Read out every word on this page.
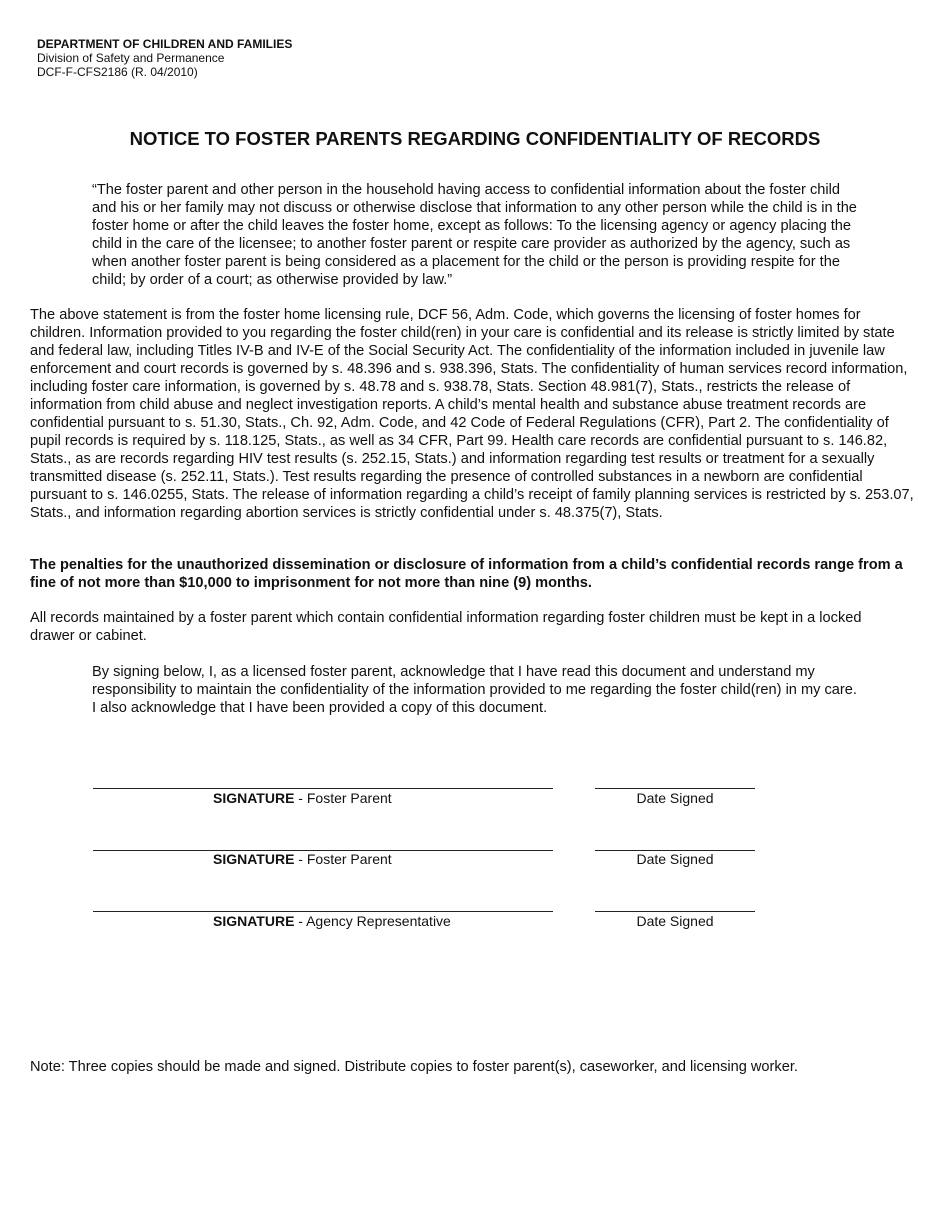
DEPARTMENT OF CHILDREN AND FAMILIES
Division of Safety and Permanence
DCF-F-CFS2186 (R. 04/2010)
NOTICE TO FOSTER PARENTS REGARDING CONFIDENTIALITY OF RECORDS

“The foster parent and other person in the household having access to confidential information about the foster child and his or her family may not discuss or otherwise disclose that information to any other person while the child is in the foster home or after the child leaves the foster home, except as follows: To the licensing agency or agency placing the child in the care of the licensee; to another foster parent or respite care provider as authorized by the agency, such as when another foster parent is being considered as a placement for the child or the person is providing respite for the child; by order of a court; as otherwise provided by law.”

The above statement is from the foster home licensing rule, DCF 56, Adm. Code, which governs the licensing of foster homes for children. Information provided to you regarding the foster child(ren) in your care is confidential and its release is strictly limited by state and federal law, including Titles IV-B and IV-E of the Social Security Act. The confidentiality of the information included in juvenile law enforcement and court records is governed by s. 48.396 and s. 938.396, Stats. The confidentiality of human services record information, including foster care information, is governed by s. 48.78 and s. 938.78, Stats. Section 48.981(7), Stats., restricts the release of information from child abuse and neglect investigation reports. A child’s mental health and substance abuse treatment records are confidential pursuant to s. 51.30, Stats., Ch. 92, Adm. Code, and 42 Code of Federal Regulations (CFR), Part 2. The confidentiality of pupil records is required by s. 118.125, Stats., as well as 34 CFR, Part 99. Health care records are confidential pursuant to s. 146.82, Stats., as are records regarding HIV test results (s. 252.15, Stats.) and information regarding test results or treatment for a sexually transmitted disease (s. 252.11, Stats.). Test results regarding the presence of controlled substances in a newborn are confidential pursuant to s. 146.0255, Stats. The release of information regarding a child’s receipt of family planning services is restricted by s. 253.07, Stats., and information regarding abortion services is strictly confidential under s. 48.375(7), Stats.

The penalties for the unauthorized dissemination or disclosure of information from a child’s confidential records range from a fine of not more than $10,000 to imprisonment for not more than nine (9) months.

All records maintained by a foster parent which contain confidential information regarding foster children must be kept in a locked drawer or cabinet.

By signing below, I, as a licensed foster parent, acknowledge that I have read this document and understand my responsibility to maintain the confidentiality of the information provided to me regarding the foster child(ren) in my care. I also acknowledge that I have been provided a copy of this document.

SIGNATURE - Foster Parent	Date Signed
SIGNATURE - Foster Parent	Date Signed
SIGNATURE - Agency Representative	Date Signed

Note: Three copies should be made and signed. Distribute copies to foster parent(s), caseworker, and licensing worker.
